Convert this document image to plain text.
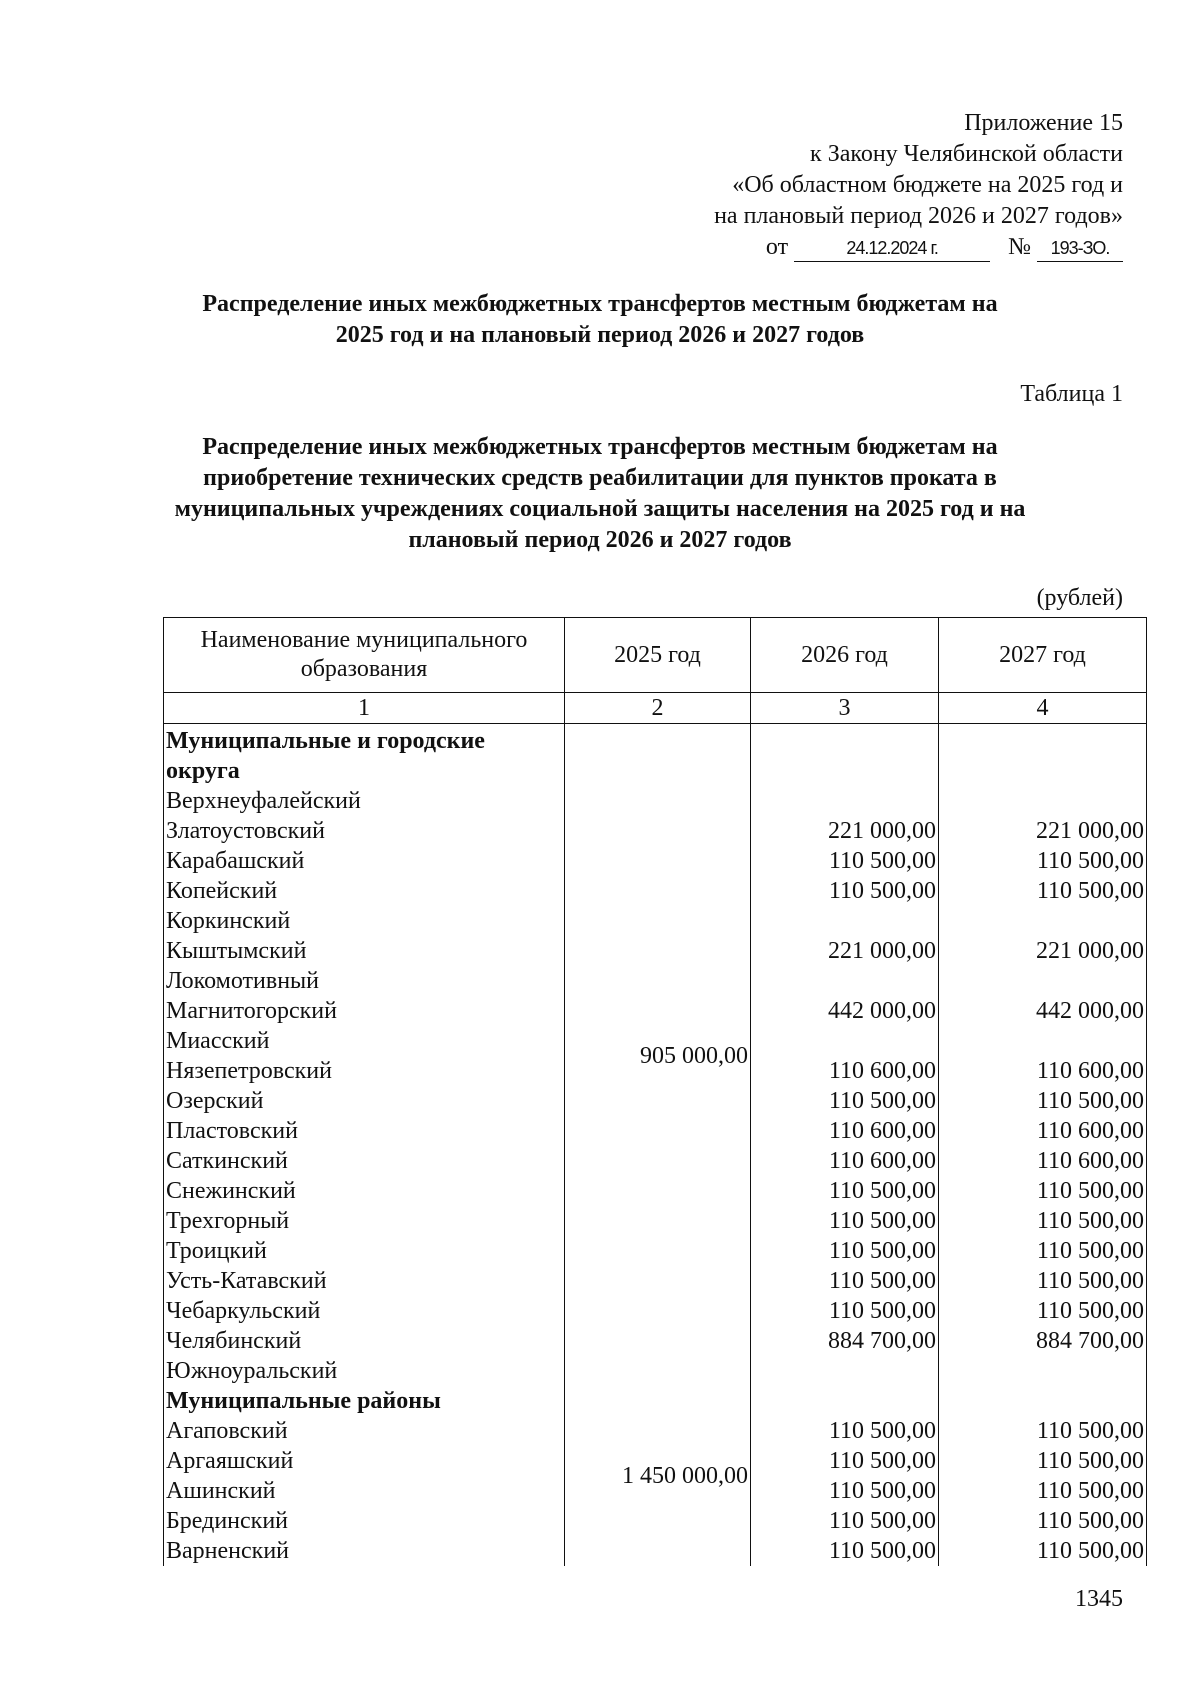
Приложение 15
к Закону Челябинской области
«Об областном бюджете на 2025 год и
на плановый период 2026 и 2027 годов»
от	24.12.2024 г.	№ 193-ЗО.
Распределение иных межбюджетных трансфертов местным бюджетам на
2025 год и на плановый период 2026 и 2027 годов
Таблица 1
Распределение иных межбюджетных трансфертов местным бюджетам на
приобретение технических средств реабилитации для пунктов проката в
муниципальных учреждениях социальной защиты населения на 2025 год и на
плановый период 2026 и 2027 годов
(рублей)
Наименование муниципального
образования	2025 год	2026 год	2027 год
1	2	3	4

Муниципальные и городские	905 000,00		
округа			
Верхнеуфалейский			
Златоустовский		221 000,00	221 000,00
Карабашский		110 500,00	110 500,00
Копейский		110 500,00	110 500,00
Коркинский			
Кыштымский		221 000,00	221 000,00
Локомотивный			
Магнитогорский		442 000,00	442 000,00
Миасский			
Нязепетровский		110 600,00	110 600,00
Озерский		110 500,00	110 500,00
Пластовский		110 600,00	110 600,00
Саткинский		110 600,00	110 600,00
Снежинский		110 500,00	110 500,00
Трехгорный		110 500,00	110 500,00
Троицкий		110 500,00	110 500,00
Усть-Катавский		110 500,00	110 500,00
Чебаркульский		110 500,00	110 500,00
Челябинский		884 700,00	884 700,00
Южноуральский			
Муниципальные районы	1 450 000,00		
Агаповский		110 500,00	110 500,00
Аргаяшский		110 500,00	110 500,00
Ашинский		110 500,00	110 500,00
Брединский		110 500,00	110 500,00
Варненский		110 500,00	110 500,00
1345
